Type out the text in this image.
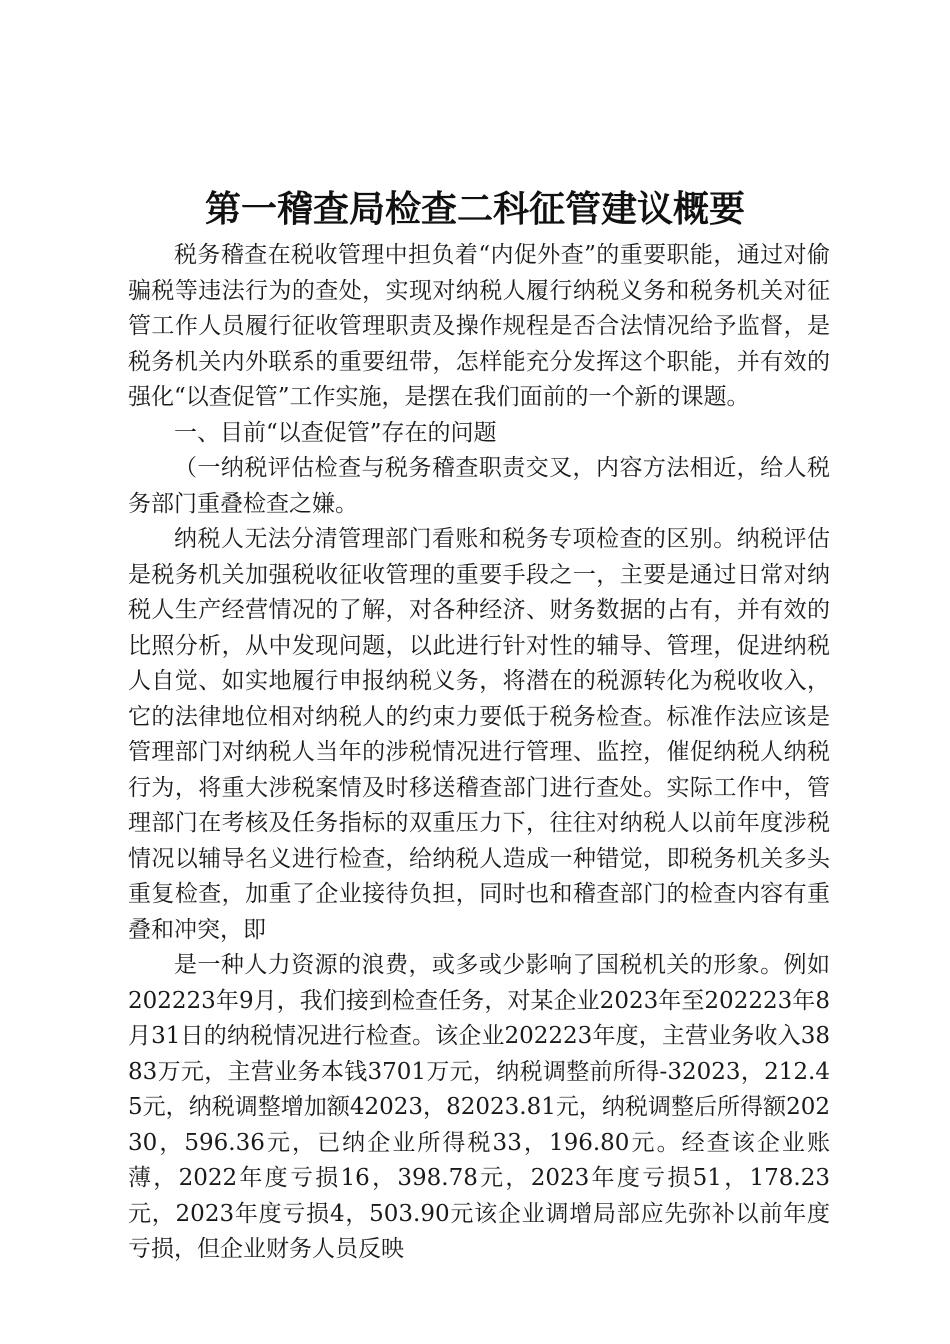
第一稽查局检查二科征管建议概要

税务稽查在税收管理中担负着“内促外查”的重要职能，通过对偷骗税等违法行为的查处，实现对纳税人履行纳税义务和税务机关对征管工作人员履行征收管理职责及操作规程是否合法情况给予监督，是税务机关内外联系的重要纽带，怎样能充分发挥这个职能，并有效的强化“以查促管”工作实施，是摆在我们面前的一个新的课题。

一、目前“以查促管”存在的问题

（一纳税评估检查与税务稽查职责交叉，内容方法相近，给人税务部门重叠检查之嫌。

纳税人无法分清管理部门看账和税务专项检查的区别。纳税评估是税务机关加强税收征收管理的重要手段之一，主要是通过日常对纳税人生产经营情况的了解，对各种经济、财务数据的占有，并有效的比照分析，从中发现问题，以此进行针对性的辅导、管理，促进纳税人自觉、如实地履行申报纳税义务，将潜在的税源转化为税收收入，它的法律地位相对纳税人的约束力要低于税务检查。标准作法应该是管理部门对纳税人当年的涉税情况进行管理、监控，催促纳税人纳税行为，将重大涉税案情及时移送稽查部门进行查处。实际工作中，管理部门在考核及任务指标的双重压力下，往往对纳税人以前年度涉税情况以辅导名义进行检查，给纳税人造成一种错觉，即税务机关多头重复检查，加重了企业接待负担，同时也和稽查部门的检查内容有重叠和冲突，即

是一种人力资源的浪费，或多或少影响了国税机关的形象。例如202223年9月，我们接到检查任务，对某企业2023年至202223年8月31日的纳税情况进行检查。该企业202223年度，主营业务收入3883万元，主营业务本钱3701万元，纳税调整前所得-32023，212.45元，纳税调整增加额42023，82023.81元，纳税调整后所得额20230，596.36元，已纳企业所得税33，196.80元。经查该企业账薄，2022年度亏损16，398.78元，2023年度亏损51，178.23元，2023年度亏损4，503.90元该企业调增局部应先弥补以前年度亏损，但企业财务人员反映
